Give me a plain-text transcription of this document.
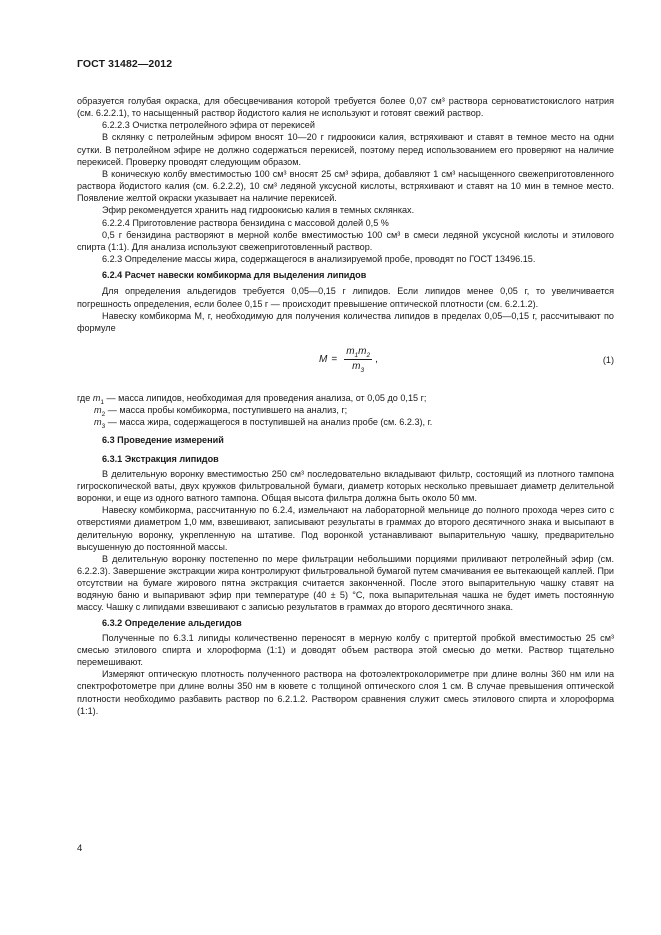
ГОСТ 31482—2012

образуется голубая окраска, для обесцвечивания которой требуется более 0,07 см³ раствора серноватистокислого натрия (см. 6.2.2.1), то насыщенный раствор йодистого калия не используют и готовят свежий раствор.

6.2.2.3 Очистка петролейного эфира от перекисей

В склянку с петролейным эфиром вносят 10—20 г гидроокиси калия, встряхивают и ставят в темное место на одни сутки. В петролейном эфире не должно содержаться перекисей, поэтому перед использованием его проверяют на наличие перекисей. Проверку проводят следующим образом.

В коническую колбу вместимостью 100 см³ вносят 25 см³ эфира, добавляют 1 см³ насыщенного свежеприготовленного раствора йодистого калия (см. 6.2.2.2), 10 см³ ледяной уксусной кислоты, встряхивают и ставят на 10 мин в темное место. Появление желтой окраски указывает на наличие перекисей.

Эфир рекомендуется хранить над гидроокисью калия в темных склянках.

6.2.2.4 Приготовление раствора бензидина с массовой долей 0,5 %

0,5 г бензидина растворяют в мерной колбе вместимостью 100 см³ в смеси ледяной уксусной кислоты и этилового спирта (1:1). Для анализа используют свежеприготовленный раствор.

6.2.3 Определение массы жира, содержащегося в анализируемой пробе, проводят по ГОСТ 13496.15.

6.2.4 Расчет навески комбикорма для выделения липидов

Для определения альдегидов требуется 0,05—0,15 г липидов. Если липидов менее 0,05 г, то увеличивается погрешность определения, если более 0,15 г — происходит превышение оптической плотности (см. 6.2.1.2).

Навеску комбикорма М, г, необходимую для получения количества липидов в пределах 0,05—0,15 г, рассчитывают по формуле

$M = \frac{m_1m_2}{m_3}$ ,	(1)

где $m_1$ — масса липидов, необходимая для проведения анализа, от 0,05 до 0,15 г;

$m_2$ — масса пробы комбикорма, поступившего на анализ, г;

$m_3$ — масса жира, содержащегося в поступившей на анализ пробе (см. 6.2.3), г.

6.3 Проведение измерений

6.3.1 Экстракция липидов

В делительную воронку вместимостью 250 см³ последовательно вкладывают фильтр, состоящий из плотного тампона гигроскопической ваты, двух кружков фильтровальной бумаги, диаметр которых несколько превышает диаметр делительной воронки, и еще из одного ватного тампона. Общая высота фильтра должна быть около 50 мм.

Навеску комбикорма, рассчитанную по 6.2.4, измельчают на лабораторной мельнице до полного прохода через сито с отверстиями диаметром 1,0 мм, взвешивают, записывают результаты в граммах до второго десятичного знака и высыпают в делительную воронку, укрепленную на штативе. Под воронкой устанавливают выпарительную чашку, предварительно высушенную до постоянной массы.

В делительную воронку постепенно по мере фильтрации небольшими порциями приливают петролейный эфир (см. 6.2.2.3). Завершение экстракции жира контролируют фильтровальной бумагой путем смачивания ее вытекающей каплей. При отсутствии на бумаге жирового пятна экстракция считается законченной. После этого выпарительную чашку ставят на водяную баню и выпаривают эфир при температуре (40 ± 5) °С, пока выпарительная чашка не будет иметь постоянную массу. Чашку с липидами взвешивают с записью результатов в граммах до второго десятичного знака.

6.3.2 Определение альдегидов

Полученные по 6.3.1 липиды количественно переносят в мерную колбу с притертой пробкой вместимостью 25 см³ смесью этилового спирта и хлороформа (1:1) и доводят объем раствора этой смесью до метки. Раствор тщательно перемешивают.

Измеряют оптическую плотность полученного раствора на фотоэлектроколориметре при длине волны 360 нм или на спектрофотометре при длине волны 350 нм в кювете с толщиной оптического слоя 1 см. В случае превышения оптической плотности необходимо разбавить раствор по 6.2.1.2. Раствором сравнения служит смесь этилового спирта и хлороформа (1:1).

4
